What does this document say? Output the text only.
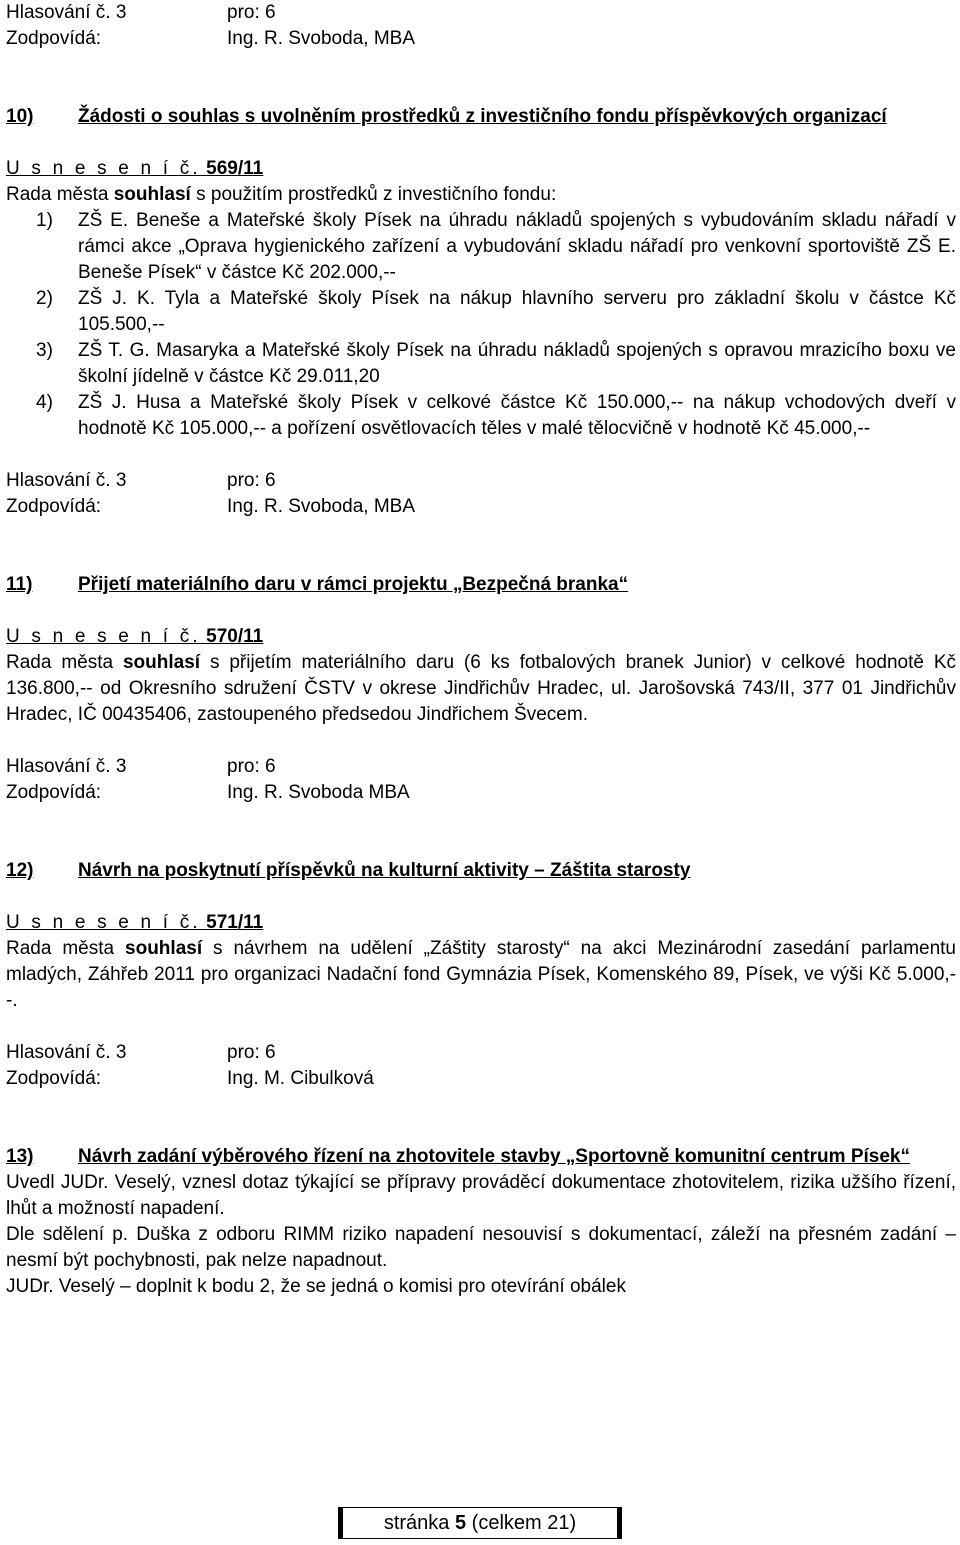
Hlasování č. 3	pro: 6
Zodpovídá:	Ing. R. Svoboda, MBA
10)	Žádosti o souhlas s uvolněním prostředků z investičního fondu příspěvkových organizací
U s n e s e n í č. 569/11
Rada města souhlasí s použitím prostředků z investičního fondu:
1)	ZŠ E. Beneše a Mateřské školy Písek na úhradu nákladů spojených s vybudováním skladu nářadí v rámci akce „Oprava hygienického zařízení a vybudování skladu nářadí pro venkovní sportoviště ZŠ E. Beneše Písek“ v částce Kč 202.000,--
2)	ZŠ J. K. Tyla a Mateřské školy Písek na nákup hlavního serveru pro základní školu v částce Kč 105.500,--
3)	ZŠ T. G. Masaryka a Mateřské školy Písek na úhradu nákladů spojených s opravou mrazicího boxu ve školní jídelně v částce Kč 29.011,20
4)	ZŠ J. Husa a Mateřské školy Písek v celkové částce Kč 150.000,-- na nákup vchodových dveří v hodnotě Kč 105.000,-- a pořízení osvětlovacích těles v malé tělocvičně v hodnotě Kč 45.000,--
Hlasování č. 3	pro: 6
Zodpovídá:	Ing. R. Svoboda, MBA
11)	Přijetí materiálního daru v rámci projektu „Bezpečná branka“
U s n e s e n í č. 570/11
Rada města souhlasí s přijetím materiálního daru (6 ks fotbalových branek Junior) v celkové hodnotě Kč 136.800,-- od Okresního sdružení ČSTV v okrese Jindřichův Hradec, ul. Jarošovská 743/II, 377 01 Jindřichův Hradec, IČ 00435406, zastoupeného předsedou Jindřichem Švecem.
Hlasování č. 3	pro: 6
Zodpovídá:	Ing. R. Svoboda MBA
12)	Návrh na poskytnutí příspěvků na kulturní aktivity – Záštita starosty
U s n e s e n í č. 571/11
Rada města souhlasí s návrhem na udělení „Záštity starosty“ na akci Mezinárodní zasedání parlamentu mladých, Záhřeb 2011 pro organizaci Nadační fond Gymnázia Písek, Komenského 89, Písek, ve výši Kč 5.000,--.
Hlasování č. 3	pro: 6
Zodpovídá:	Ing. M. Cibulková
13)	Návrh zadání výběrového řízení na zhotovitele stavby „Sportovně komunitní centrum Písek“
Uvedl JUDr. Veselý, vznesl dotaz týkající se přípravy prováděcí dokumentace zhotovitelem, rizika užšího řízení, lhůt a možností napadení.
Dle sdělení p. Duška z odboru RIMM riziko napadení nesouvisí s dokumentací, záleží na přesném zadání – nesmí být pochybnosti, pak nelze napadnout.
JUDr. Veselý – doplnit k bodu 2, že se jedná o komisi pro otevírání obálek
stránka 5 (celkem 21)
